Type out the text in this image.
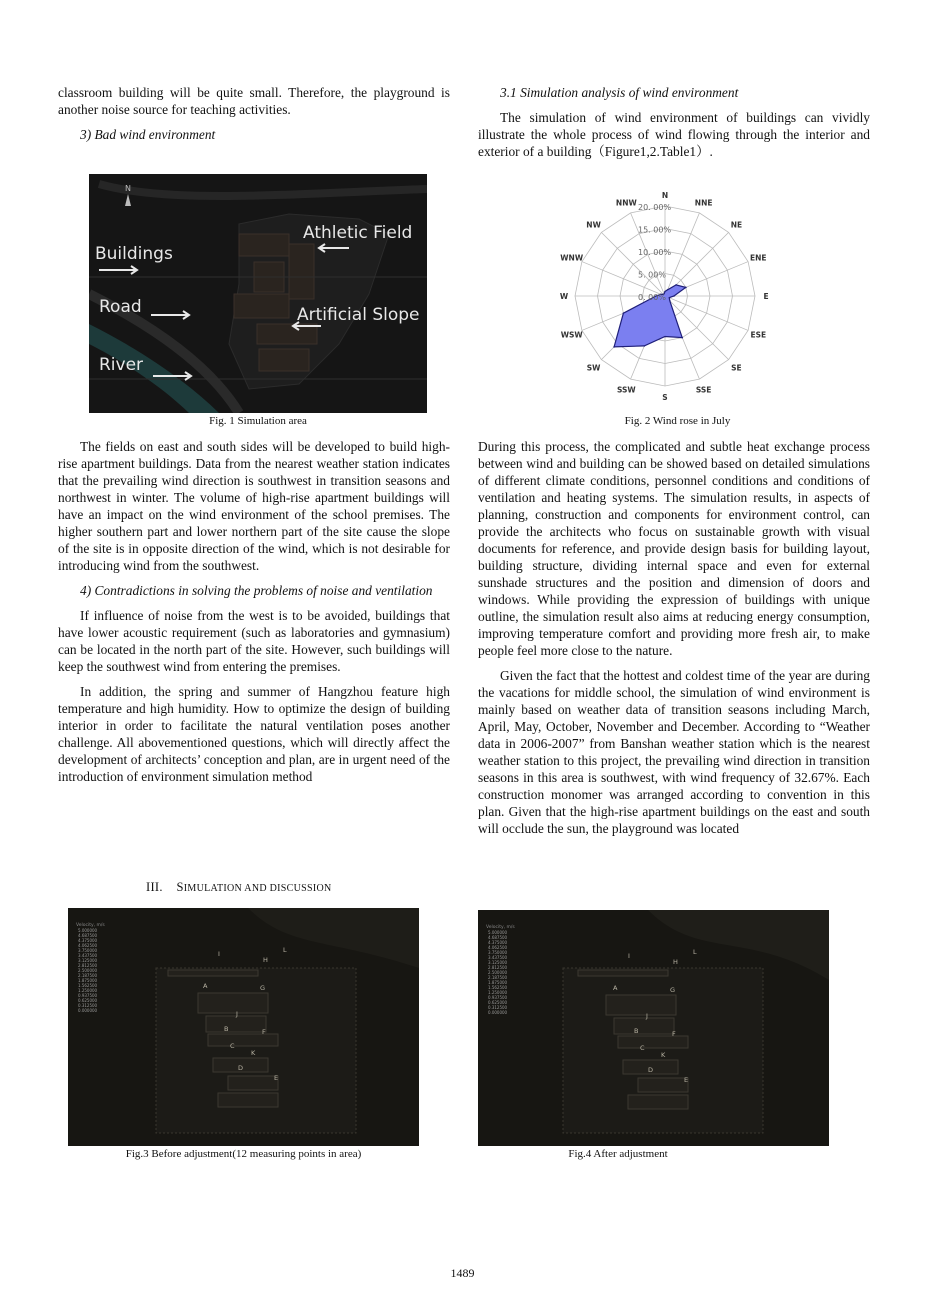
classroom building will be quite small. Therefore, the playground is another noise source for teaching activities.

3) Bad wind environment

N
Athletic Field
Buildings
Road	Artificial Slope
River
Fig. 1 Simulation area

The fields on east and south sides will be developed to build high-rise apartment buildings. Data from the nearest weather station indicates that the prevailing wind direction is southwest in transition seasons and northwest in winter. The volume of high-rise apartment buildings will have an impact on the wind environment of the school premises. The higher southern part and lower northern part of the site cause the slope of the site is in opposite direction of the wind, which is not desirable for introducing wind from the southwest.

4) Contradictions in solving the problems of noise and ventilation

If influence of noise from the west is to be avoided, buildings that have lower acoustic requirement (such as laboratories and gymnasium) can be located in the north part of the site. However, such buildings will keep the southwest wind from entering the premises.

In addition, the spring and summer of Hangzhou feature high temperature and high humidity. How to optimize the design of building interior in order to facilitate the natural ventilation poses another challenge. All abovementioned questions, which will directly affect the development of architects’ conception and plan, are in urgent need of the introduction of environment simulation method

III. SIMULATION AND DISCUSSION

3.1 Simulation analysis of wind environment

The simulation of wind environment of buildings can vividly illustrate the whole process of wind flowing through the interior and exterior of a building（Figure1,2.Table1）.

20. 00%
15. 00%
10. 00%
5. 00%
0. 00%
N
NNE
NE
ENE
E
ESE
SE
SSE
S
SSW
SW
WSW
W
WNW
NW
NNW
Fig. 2 Wind rose in July

During this process, the complicated and subtle heat exchange process between wind and building can be showed based on detailed simulations of different climate conditions, personnel conditions and conditions of ventilation and heating systems. The simulation results, in aspects of planning, construction and components for environment control, can provide the architects who focus on sustainable growth with visual documents for reference, and provide design basis for building layout, building structure, dividing internal space and even for external sunshade structures and the position and dimension of doors and windows. While providing the expression of buildings with unique outline, the simulation result also aims at reducing energy consumption, improving temperature comfort and providing more fresh air, to make people feel more close to the nature.

Given the fact that the hottest and coldest time of the year are during the vacations for middle school, the simulation of wind environment is mainly based on weather data of transition seasons including March, April, May, October, November and December. According to “Weather data in 2006-2007” from Banshan weather station which is the nearest weather station to this project, the prevailing wind direction in transition seasons in this area is southwest, with wind frequency of 32.67%. Each construction monomer was arranged according to convention in this plan. Given that the high-rise apartment buildings on the east and south will occlude the sun, the playground was located

Velocity, m/s
5.000000
4.687500
4.375000
4.062500
3.750000
3.437500
3.125000
2.812500
2.500000
2.187500
1.875000
1.562500
1.250000
0.937500
0.625000
0.312500
0.000000
I
H
A	G
J
B	F
C
K
D
E
L
Fig.3 Before adjustment(12 measuring points in area)
Velocity, m/s
5.000000
4.687500
4.375000
4.062500
3.750000
3.437500
3.125000
2.812500
2.500000
2.187500
1.875000
1.562500
1.250000
0.937500
0.625000
0.312500
0.000000
I
H
A	G
J
B	F
C
K
D
E
L
Fig.4 After adjustment
1489
